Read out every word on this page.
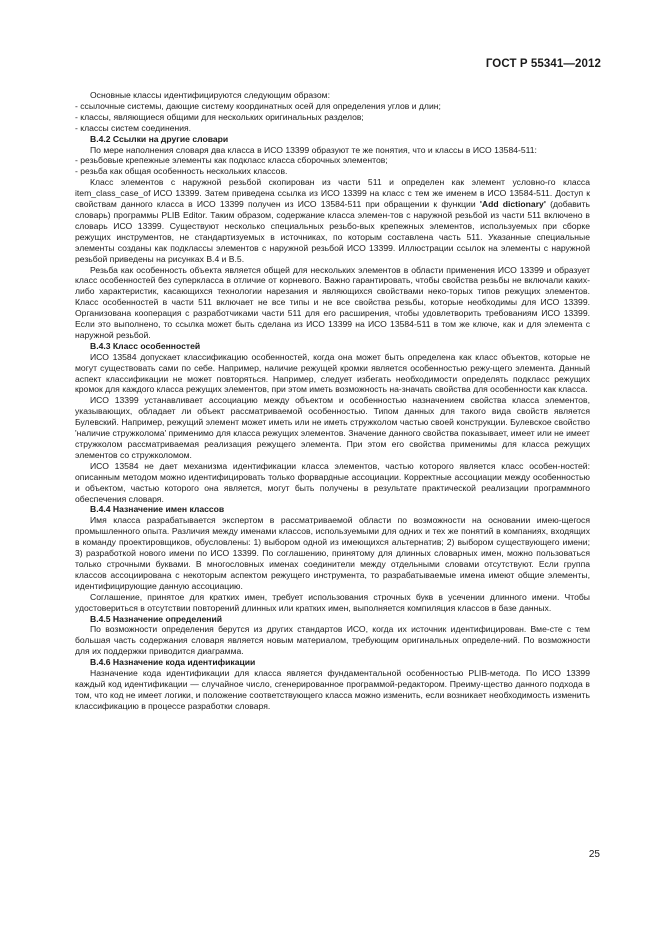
ГОСТ Р 55341—2012

Основные классы идентифицируются следующим образом:

- ссылочные системы, дающие систему координатных осей для определения углов и длин;

- классы, являющиеся общими для нескольких оригинальных разделов;

- классы систем соединения.

В.4.2 Ссылки на другие словари

По мере наполнения словаря два класса в ИСО 13399 образуют те же понятия, что и классы в ИСО 13584-511:

- резьбовые крепежные элементы как подкласс класса сборочных элементов;

- резьба как общая особенность нескольких классов.

Класс элементов с наружной резьбой скопирован из части 511 и определен как элемент условно-го класса item_class_case_of ИСО 13399. Затем приведена ссылка из ИСО 13399 на класс с тем же именем в ИСО 13584-511. Доступ к свойствам данного класса в ИСО 13399 получен из ИСО 13584-511 при обращении к функции 'Add dictionary' (добавить словарь) программы PLIB Editor. Таким образом, содержание класса элемен-тов с наружной резьбой из части 511 включено в словарь ИСО 13399. Существуют несколько специальных резьбо-вых крепежных элементов, используемых при сборке режущих инструментов, не стандартизуемых в источниках, по которым составлена часть 511. Указанные специальные элементы созданы как подклассы элементов с наружной резьбой ИСО 13399. Иллюстрации ссылок на элементы с наружной резьбой приведены на рисунках В.4 и В.5.

Резьба как особенность объекта является общей для нескольких элементов в области применения ИСО 13399 и образует класс особенностей без суперкласса в отличие от корневого. Важно гарантировать, чтобы свойства резьбы не включали каких-либо характеристик, касающихся технологии нарезания и являющихся свойствами неко-торых типов режущих элементов. Класс особенностей в части 511 включает не все типы и не все свойства резьбы, которые необходимы для ИСО 13399. Организована кооперация с разработчиками части 511 для его расширения, чтобы удовлетворить требованиям ИСО 13399. Если это выполнено, то ссылка может быть сделана из ИСО 13399 на ИСО 13584-511 в том же ключе, как и для элемента с наружной резьбой.

В.4.3 Класс особенностей

ИСО 13584 допускает классификацию особенностей, когда она может быть определена как класс объектов, которые не могут существовать сами по себе. Например, наличие режущей кромки является особенностью режу-щего элемента. Данный аспект классификации не может повторяться. Например, следует избегать необходимости определять подкласс режущих кромок для каждого класса режущих элементов, при этом иметь возможность на-значать свойства для особенности как класса.

ИСО 13399 устанавливает ассоциацию между объектом и особенностью назначением свойства класса элементов, указывающих, обладает ли объект рассматриваемой особенностью. Типом данных для такого вида свойств является Булевский. Например, режущий элемент может иметь или не иметь стружколом частью своей конструкции. Булевское свойство 'наличие стружколома' применимо для класса режущих элементов. Значение данного свойства показывает, имеет или не имеет стружколом рассматриваемая реализация режущего элемента. При этом его свойства применимы для класса режущих элементов со стружколомом.

ИСО 13584 не дает механизма идентификации класса элементов, частью которого является класс особен-ностей: описанным методом можно идентифицировать только форвардные ассоциации. Корректные ассоциации между особенностью и объектом, частью которого она является, могут быть получены в результате практической реализации программного обеспечения словаря.

В.4.4 Назначение имен классов

Имя класса разрабатывается экспертом в рассматриваемой области по возможности на основании имею-щегося промышленного опыта. Различия между именами классов, используемыми для одних и тех же понятий в компаниях, входящих в команду проектировщиков, обусловлены: 1) выбором одной из имеющихся альтернатив; 2) выбором существующего имени; 3) разработкой нового имени по ИСО 13399. По соглашению, принятому для длинных словарных имен, можно пользоваться только строчными буквами. В многословных именах соединители между отдельными словами отсутствуют. Если группа классов ассоциирована с некоторым аспектом режущего инструмента, то разрабатываемые имена имеют общие элементы, идентифицирующие данную ассоциацию.

Соглашение, принятое для кратких имен, требует использования строчных букв в усечении длинного имени. Чтобы удостовериться в отсутствии повторений длинных или кратких имен, выполняется компиляция классов в базе данных.

В.4.5 Назначение определений

По возможности определения берутся из других стандартов ИСО, когда их источник идентифицирован. Вме-сте с тем большая часть содержания словаря является новым материалом, требующим оригинальных определе-ний. По возможности для их поддержки приводится диаграмма.

В.4.6 Назначение кода идентификации

Назначение кода идентификации для класса является фундаментальной особенностью PLIB-метода. По ИСО 13399 каждый код идентификации — случайное число, сгенерированное программой-редактором. Преиму-щество данного подхода в том, что код не имеет логики, и положение соответствующего класса можно изменить, если возникает необходимость изменить классификацию в процессе разработки словаря.

25
